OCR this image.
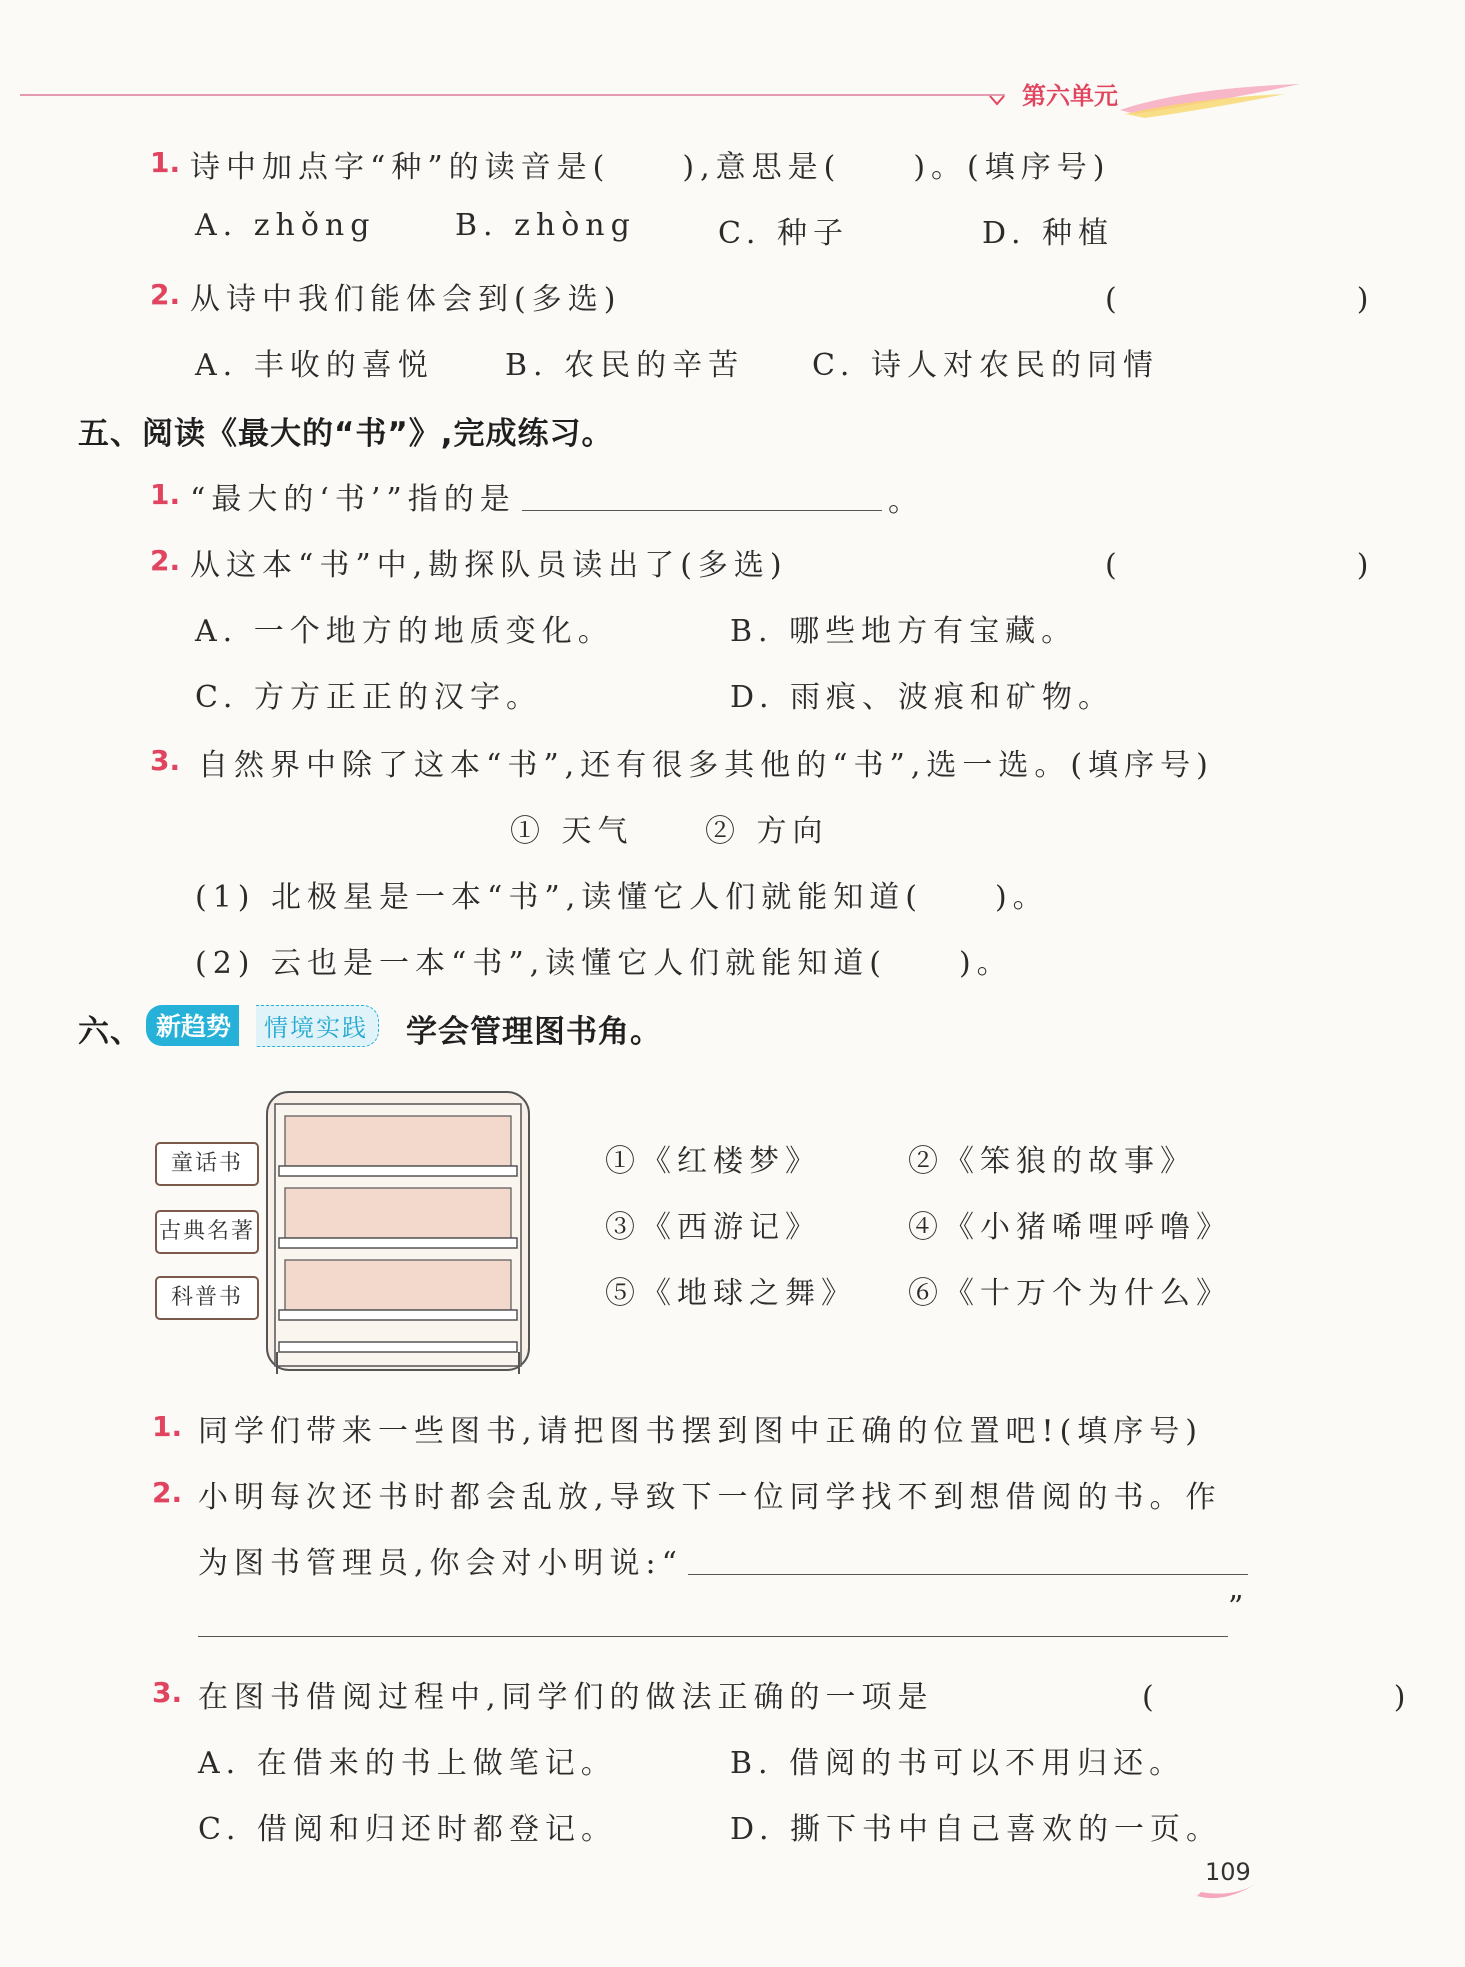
第六单元
1. 诗中加点字“种”的读音是(　　),意思是(　　)。(填序号)
A. zhǒng	B. zhòng	C. 种子	D. 种植
2. 从诗中我们能体会到(多选)	(　　)
A. 丰收的喜悦 B. 农民的辛苦 C. 诗人对农民的同情
五、阅读《最大的“书”》,完成练习。
1. “最大的‘书’”指的是	。
2. 从这本“书”中,勘探队员读出了(多选)	(　　)
A. 一个地方的地质变化。	B. 哪些地方有宝藏。
C. 方方正正的汉字。	D. 雨痕、波痕和矿物。
3. 自然界中除了这本“书”,还有很多其他的“书”,选一选。(填序号)
① 天气 ② 方向
(1) 北极星是一本“书”,读懂它人们就能知道(　　)。
(2) 云也是一本“书”,读懂它人们就能知道(　　)。
六、 新趋势	情境实践	学会管理图书角。
童话书
古典名著
科普书
①《红楼梦》	②《笨狼的故事》
③《西游记》	④《小猪唏哩呼噜》
⑤《地球之舞》 ⑥《十万个为什么》
1. 同学们带来一些图书,请把图书摆到图中正确的位置吧!(填序号)
2. 小明每次还书时都会乱放,导致下一位同学找不到想借阅的书。作
为图书管理员,你会对小明说:“
”
3. 在图书借阅过程中,同学们的做法正确的一项是	(　　)
A. 在借来的书上做笔记。	B. 借阅的书可以不用归还。
C. 借阅和归还时都登记。	D. 撕下书中自己喜欢的一页。
109
